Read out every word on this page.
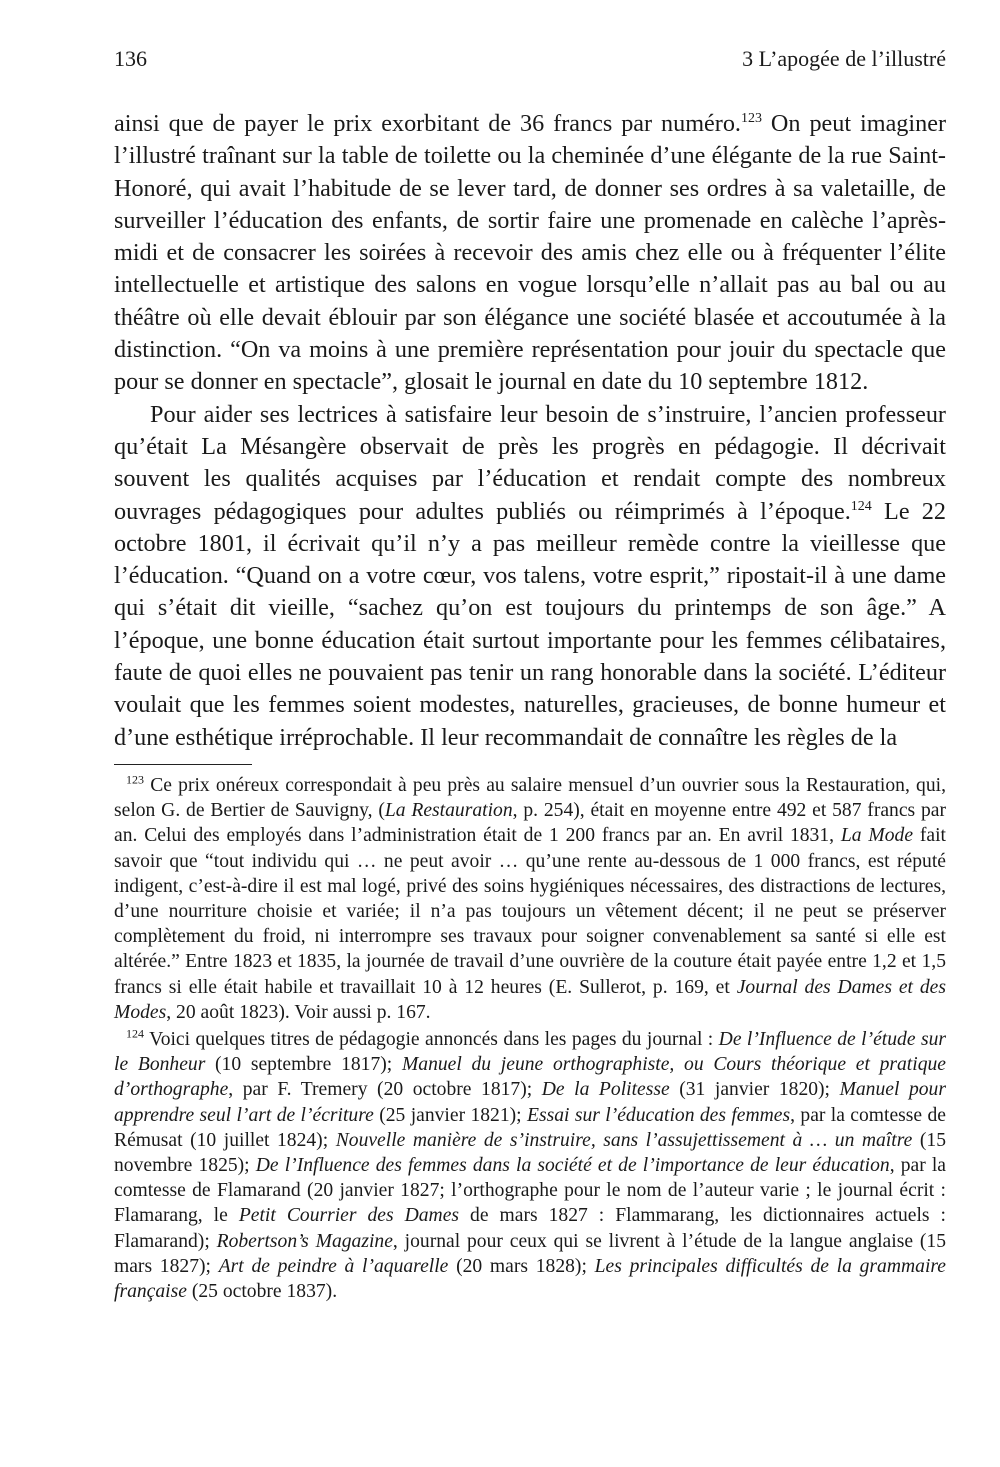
136	3 L’apogée de l’illustré

ainsi que de payer le prix exorbitant de 36 francs par numéro.$^{123}$ On peut imaginer l’illustré traînant sur la table de toilette ou la cheminée d’une élégante de la rue Saint-Honoré, qui avait l’habitude de se lever tard, de donner ses ordres à sa valetaille, de surveiller l’éducation des enfants, de sortir faire une promenade en calèche l’après-midi et de consacrer les soirées à recevoir des amis chez elle ou à fréquenter l’élite intellectuelle et artistique des salons en vogue lorsqu’elle n’allait pas au bal ou au théâtre où elle devait éblouir par son élégance une société blasée et accoutumée à la distinction. “On va moins à une première représentation pour jouir du spectacle que pour se donner en spectacle”, glosait le journal en date du 10 septembre 1812.

Pour aider ses lectrices à satisfaire leur besoin de s’instruire, l’ancien professeur qu’était La Mésangère observait de près les progrès en pédagogie. Il décrivait souvent les qualités acquises par l’éducation et rendait compte des nombreux ouvrages pédagogiques pour adultes publiés ou réimprimés à l’époque.$^{124}$ Le 22 octobre 1801, il écrivait qu’il n’y a pas meilleur remède contre la vieillesse que l’éducation. “Quand on a votre cœur, vos talens, votre esprit,” ripostait-il à une dame qui s’était dit vieille, “sachez qu’on est toujours du printemps de son âge.” A l’époque, une bonne éducation était surtout importante pour les femmes célibataires, faute de quoi elles ne pouvaient pas tenir un rang honorable dans la société. L’éditeur voulait que les femmes soient modestes, naturelles, gracieuses, de bonne humeur et d’une esthétique irréprochable. Il leur recommandait de connaître les règles de la

$^{123}$ Ce prix onéreux correspondait à peu près au salaire mensuel d’un ouvrier sous la Restauration, qui, selon G. de Bertier de Sauvigny, (La Restauration, p. 254), était en moyenne entre 492 et 587 francs par an. Celui des employés dans l’administration était de 1 200 francs par an. En avril 1831, La Mode fait savoir que “tout individu qui … ne peut avoir … qu’une rente au-dessous de 1 000 francs, est réputé indigent, c’est-à-dire il est mal logé, privé des soins hygiéniques nécessaires, des distractions de lectures, d’une nourriture choisie et variée; il n’a pas toujours un vêtement décent; il ne peut se préserver complètement du froid, ni interrompre ses travaux pour soigner convenablement sa santé si elle est altérée.” Entre 1823 et 1835, la journée de travail d’une ouvrière de la couture était payée entre 1,2 et 1,5 francs si elle était habile et travaillait 10 à 12 heures (E. Sullerot, p. 169, et Journal des Dames et des Modes, 20 août 1823). Voir aussi p. 167.

$^{124}$ Voici quelques titres de pédagogie annoncés dans les pages du journal : De l’Influence de l’étude sur le Bonheur (10 septembre 1817); Manuel du jeune orthographiste, ou Cours théorique et pratique d’orthographe, par F. Tremery (20 octobre 1817); De la Politesse (31 janvier 1820); Manuel pour apprendre seul l’art de l’écriture (25 janvier 1821); Essai sur l’éducation des femmes, par la comtesse de Rémusat (10 juillet 1824); Nouvelle manière de s’instruire, sans l’assujettissement à … un maître (15 novembre 1825); De l’Influence des femmes dans la société et de l’importance de leur éducation, par la comtesse de Flamarand (20 janvier 1827; l’orthographe pour le nom de l’auteur varie ; le journal écrit : Flamarang, le Petit Courrier des Dames de mars 1827 : Flammarang, les dictionnaires actuels : Flamarand); Robertson’s Magazine, journal pour ceux qui se livrent à l’étude de la langue anglaise (15 mars 1827); Art de peindre à l’aquarelle (20 mars 1828); Les principales difficultés de la grammaire française (25 octobre 1837).
